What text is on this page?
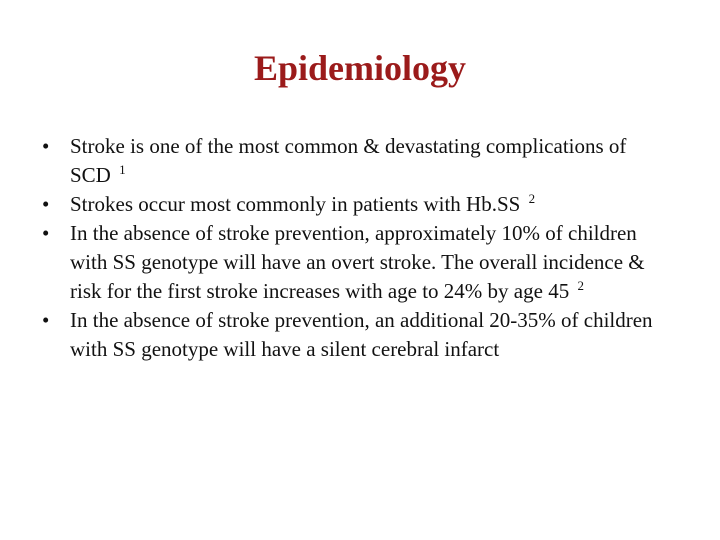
Epidemiology
• Stroke is one of the most common & devastating complications of SCD $^1$
• Strokes occur most commonly in patients with Hb.SS $^2$
• In the absence of stroke prevention, approximately 10% of children with SS genotype will have an overt stroke. The overall incidence & risk for the first stroke increases with age to 24% by age 45 $^2$
• In the absence of stroke prevention, an additional 20-35% of children with SS genotype will have a silent cerebral infarct
